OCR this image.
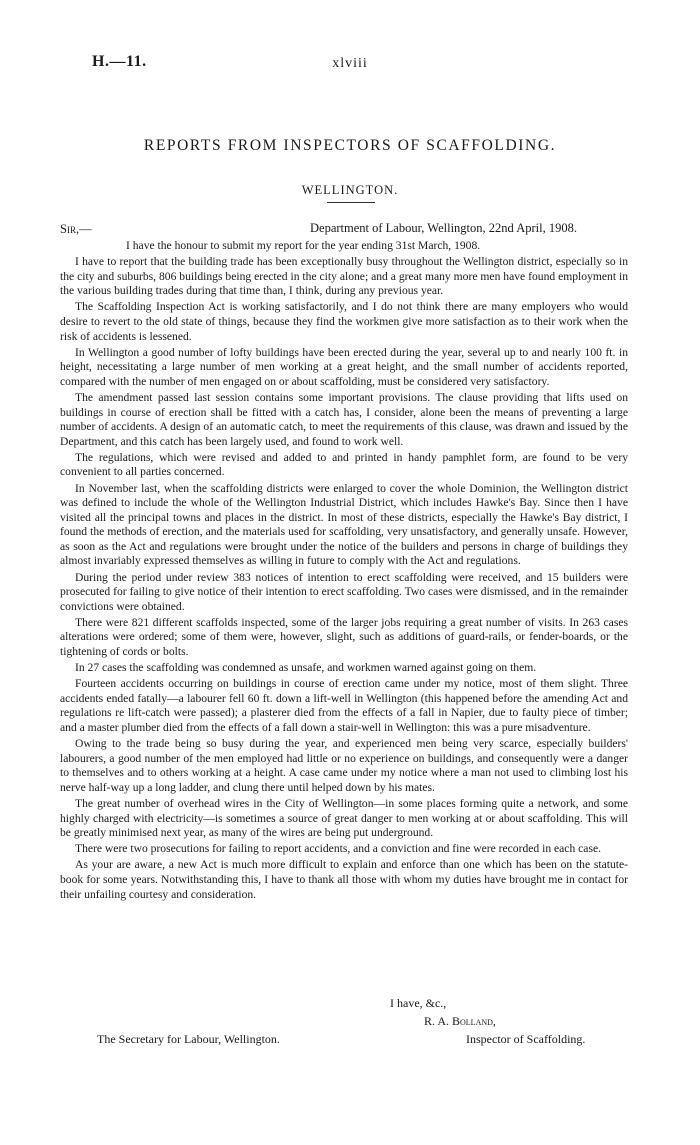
H.—11.	xlviii
REPORTS FROM INSPECTORS OF SCAFFOLDING.
WELLINGTON.
Sir,—	Department of Labour, Wellington, 22nd April, 1908.

I have the honour to submit my report for the year ending 31st March, 1908.

I have to report that the building trade has been exceptionally busy throughout the Wellington district, especially so in the city and suburbs, 806 buildings being erected in the city alone; and a great many more men have found employment in the various building trades during that time than, I think, during any previous year.

The Scaffolding Inspection Act is working satisfactorily, and I do not think there are many employers who would desire to revert to the old state of things, because they find the workmen give more satisfaction as to their work when the risk of accidents is lessened.

In Wellington a good number of lofty buildings have been erected during the year, several up to and nearly 100 ft. in height, necessitating a large number of men working at a great height, and the small number of accidents reported, compared with the number of men engaged on or about scaffolding, must be considered very satisfactory.

The amendment passed last session contains some important provisions. The clause providing that lifts used on buildings in course of erection shall be fitted with a catch has, I consider, alone been the means of preventing a large number of accidents. A design of an automatic catch, to meet the requirements of this clause, was drawn and issued by the Department, and this catch has been largely used, and found to work well.

The regulations, which were revised and added to and printed in handy pamphlet form, are found to be very convenient to all parties concerned.

In November last, when the scaffolding districts were enlarged to cover the whole Dominion, the Wellington district was defined to include the whole of the Wellington Industrial District, which includes Hawke's Bay. Since then I have visited all the principal towns and places in the district. In most of these districts, especially the Hawke's Bay district, I found the methods of erection, and the materials used for scaffolding, very unsatisfactory, and generally unsafe. However, as soon as the Act and regulations were brought under the notice of the builders and persons in charge of buildings they almost invariably expressed themselves as willing in future to comply with the Act and regulations.

During the period under review 383 notices of intention to erect scaffolding were received, and 15 builders were prosecuted for failing to give notice of their intention to erect scaffolding. Two cases were dismissed, and in the remainder convictions were obtained.

There were 821 different scaffolds inspected, some of the larger jobs requiring a great number of visits. In 263 cases alterations were ordered; some of them were, however, slight, such as additions of guard-rails, or fender-boards, or the tightening of cords or bolts.

In 27 cases the scaffolding was condemned as unsafe, and workmen warned against going on them.

Fourteen accidents occurring on buildings in course of erection came under my notice, most of them slight. Three accidents ended fatally—a labourer fell 60 ft. down a lift-well in Wellington (this happened before the amending Act and regulations re lift-catch were passed); a plasterer died from the effects of a fall in Napier, due to faulty piece of timber; and a master plumber died from the effects of a fall down a stair-well in Wellington: this was a pure misadventure.

Owing to the trade being so busy during the year, and experienced men being very scarce, especially builders' labourers, a good number of the men employed had little or no experience on buildings, and consequently were a danger to themselves and to others working at a height. A case came under my notice where a man not used to climbing lost his nerve half-way up a long ladder, and clung there until helped down by his mates.

The great number of overhead wires in the City of Wellington—in some places forming quite a network, and some highly charged with electricity—is sometimes a source of great danger to men working at or about scaffolding. This will be greatly minimised next year, as many of the wires are being put underground.

There were two prosecutions for failing to report accidents, and a conviction and fine were recorded in each case.

As your are aware, a new Act is much more difficult to explain and enforce than one which has been on the statute-book for some years. Notwithstanding this, I have to thank all those with whom my duties have brought me in contact for their unfailing courtesy and consideration.

I have, &c.,
R. A. Bolland,
The Secretary for Labour, Wellington.	Inspector of Scaffolding.
